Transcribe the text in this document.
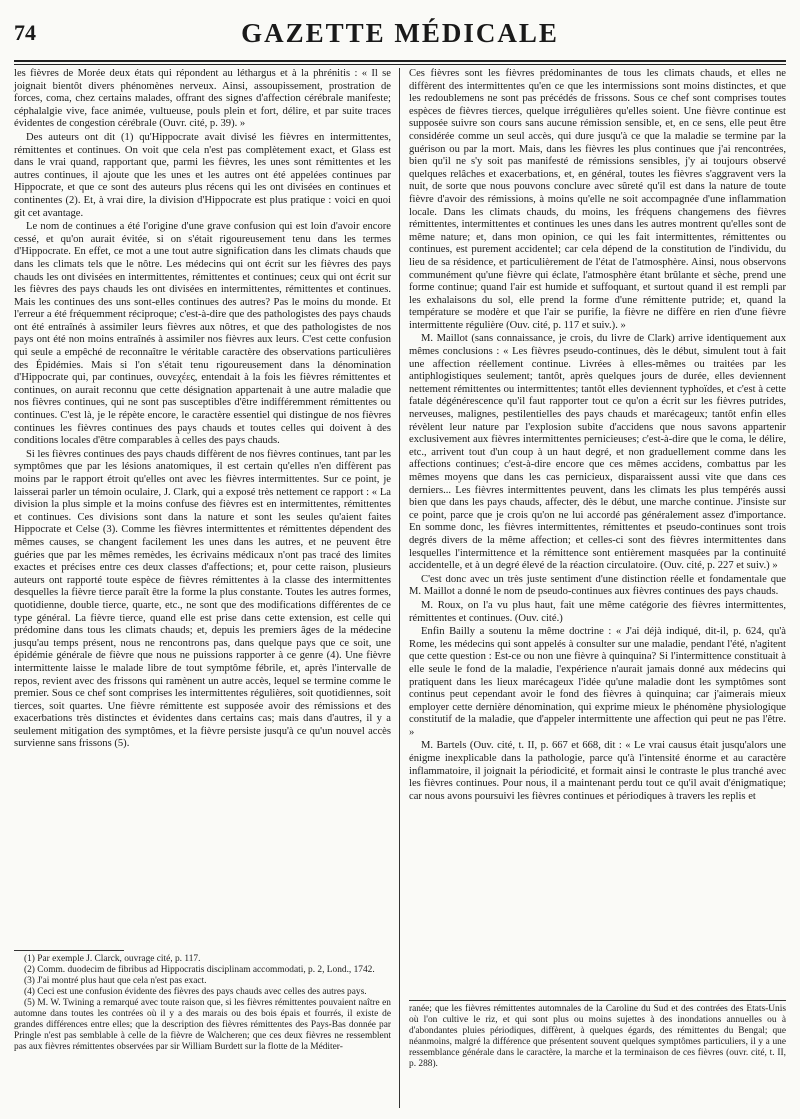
74	GAZETTE MÉDICALE

les fièvres de Morée deux états qui répondent au léthargus et à la phrénitis : « Il se joignait bientôt divers phénomènes nerveux. Ainsi, assoupissement, prostration de forces, coma, chez certains malades, offrant des signes d'affection cérébrale manifeste; céphalalgie vive, face animée, vultueuse, pouls plein et fort, délire, et par suite traces évidentes de congestion cérébrale (Ouvr. cité, p. 39). »

Des auteurs ont dit (1) qu'Hippocrate avait divisé les fièvres en intermittentes, rémittentes et continues. On voit que cela n'est pas complètement exact, et Glass est dans le vrai quand, rapportant que, parmi les fièvres, les unes sont rémittentes et les autres continues, il ajoute que les unes et les autres ont été appelées continues par Hippocrate, et que ce sont des auteurs plus récens qui les ont divisées en continues et continentes (2). Et, à vrai dire, la division d'Hippocrate est plus pratique : voici en quoi git cet avantage.

Le nom de continues a été l'origine d'une grave confusion qui est loin d'avoir encore cessé, et qu'on aurait évitée, si on s'était rigoureusement tenu dans les termes d'Hippocrate. En effet, ce mot a une tout autre signification dans les climats chauds que dans les climats tels que le nôtre. Les médecins qui ont écrit sur les fièvres des pays chauds les ont divisées en intermittentes, rémittentes et continues; ceux qui ont écrit sur les fièvres des pays chauds les ont divisées en intermittentes, rémittentes et continues. Mais les continues des uns sont-elles continues des autres? Pas le moins du monde. Et l'erreur a été fréquemment réciproque; c'est-à-dire que des pathologistes des pays chauds ont été entraînés à assimiler leurs fièvres aux nôtres, et que des pathologistes de nos pays ont été non moins entraînés à assimiler nos fièvres aux leurs. C'est cette confusion qui seule a empêché de reconnaître le véritable caractère des observations particulières des Épidémies. Mais si l'on s'était tenu rigoureusement dans la dénomination d'Hippocrate qui, par continues, συνεχέες, entendait à la fois les fièvres rémittentes et continues, on aurait reconnu que cette désignation appartenait à une autre maladie que nos fièvres continues, qui ne sont pas susceptibles d'être indifféremment rémittentes ou continues. C'est là, je le répète encore, le caractère essentiel qui distingue de nos fièvres continues les fièvres continues des pays chauds et toutes celles qui doivent à des conditions locales d'être comparables à celles des pays chauds.

Si les fièvres continues des pays chauds diffèrent de nos fièvres continues, tant par les symptômes que par les lésions anatomiques, il est certain qu'elles n'en diffèrent pas moins par le rapport étroit qu'elles ont avec les fièvres intermittentes. Sur ce point, je laisserai parler un témoin oculaire, J. Clark, qui a exposé très nettement ce rapport : « La division la plus simple et la moins confuse des fièvres est en intermittentes, rémittentes et continues. Ces divisions sont dans la nature et sont les seules qu'aient faites Hippocrate et Celse (3). Comme les fièvres intermittentes et rémittentes dépendent des mêmes causes, se changent facilement les unes dans les autres, et ne peuvent être guéries que par les mêmes remèdes, les écrivains médicaux n'ont pas tracé des limites exactes et précises entre ces deux classes d'affections; et, pour cette raison, plusieurs auteurs ont rapporté toute espèce de fièvres rémittentes à la classe des intermittentes desquelles la fièvre tierce paraît être la forme la plus constante. Toutes les autres formes, quotidienne, double tierce, quarte, etc., ne sont que des modifications différentes de ce type général. La fièvre tierce, quand elle est prise dans cette extension, est celle qui prédomine dans tous les climats chauds; et, depuis les premiers âges de la médecine jusqu'au temps présent, nous ne rencontrons pas, dans quelque pays que ce soit, une épidémie générale de fièvre que nous ne puissions rapporter à ce genre (4). Une fièvre intermittente laisse le malade libre de tout symptôme fébrile, et, après l'intervalle de repos, revient avec des frissons qui ramènent un autre accès, lequel se termine comme le premier. Sous ce chef sont comprises les intermittentes régulières, soit quotidiennes, soit tierces, soit quartes. Une fièvre rémittente est supposée avoir des rémissions et des exacerbations très distinctes et évidentes dans certains cas; mais dans d'autres, il y a seulement mitigation des symptômes, et la fièvre persiste jusqu'à ce qu'un nouvel accès survienne sans frissons (5).

(1) Par exemple J. Clarck, ouvrage cité, p. 117.

(2) Comm. duodecim de fibribus ad Hippocratis disciplinam accommodati, p. 2, Lond., 1742.

(3) J'ai montré plus haut que cela n'est pas exact.

(4) Ceci est une confusion évidente des fièvres des pays chauds avec celles des autres pays.

(5) M. W. Twining a remarqué avec toute raison que, si les fièvres rémittentes pouvaient naître en automne dans toutes les contrées où il y a des marais ou des bois épais et fourrés, il existe de grandes différences entre elles; que la description des fièvres rémittentes des Pays-Bas donnée par Pringle n'est pas semblable à celle de la fièvre de Walcheren; que ces deux fièvres ne ressemblent pas aux fièvres rémittentes observées par sir William Burdett sur la flotte de la Méditer-

Ces fièvres sont les fièvres prédominantes de tous les climats chauds, et elles ne diffèrent des intermittentes qu'en ce que les intermissions sont moins distinctes, et que les redoublemens ne sont pas précédés de frissons. Sous ce chef sont comprises toutes espèces de fièvres tierces, quelque irrégulières qu'elles soient. Une fièvre continue est supposée suivre son cours sans aucune rémission sensible, et, en ce sens, elle peut être considérée comme un seul accès, qui dure jusqu'à ce que la maladie se termine par la guérison ou par la mort. Mais, dans les fièvres les plus continues que j'ai rencontrées, bien qu'il ne s'y soit pas manifesté de rémissions sensibles, j'y ai toujours observé quelques relâches et exacerbations, et, en général, toutes les fièvres s'aggravent vers la nuit, de sorte que nous pouvons conclure avec sûreté qu'il est dans la nature de toute fièvre d'avoir des rémissions, à moins qu'elle ne soit accompagnée d'une inflammation locale. Dans les climats chauds, du moins, les fréquens changemens des fièvres rémittentes, intermittentes et continues les unes dans les autres montrent qu'elles sont de même nature; et, dans mon opinion, ce qui les fait intermittentes, rémittentes ou continues, est purement accidentel; car cela dépend de la constitution de l'individu, du lieu de sa résidence, et particulièrement de l'état de l'atmosphère. Ainsi, nous observons communément qu'une fièvre qui éclate, l'atmosphère étant brûlante et sèche, prend une forme continue; quand l'air est humide et suffoquant, et surtout quand il est rempli par les exhalaisons du sol, elle prend la forme d'une rémittente putride; et, quand la température se modère et que l'air se purifie, la fièvre ne diffère en rien d'une fièvre intermittente régulière (Ouv. cité, p. 117 et suiv.). »

M. Maillot (sans connaissance, je crois, du livre de Clark) arrive identiquement aux mêmes conclusions : « Les fièvres pseudo-continues, dès le début, simulent tout à fait une affection réellement continue. Livrées à elles-mêmes ou traitées par les antiphlogistiques seulement; tantôt, après quelques jours de durée, elles deviennent nettement rémittentes ou intermittentes; tantôt elles deviennent typhoïdes, et c'est à cette fatale dégénérescence qu'il faut rapporter tout ce qu'on a écrit sur les fièvres putrides, nerveuses, malignes, pestilentielles des pays chauds et marécageux; tantôt enfin elles révèlent leur nature par l'explosion subite d'accidens que nous savons appartenir exclusivement aux fièvres intermittentes pernicieuses; c'est-à-dire que le coma, le délire, etc., arrivent tout d'un coup à un haut degré, et non graduellement comme dans les affections continues; c'est-à-dire encore que ces mêmes accidens, combattus par les mêmes moyens que dans les cas pernicieux, disparaissent aussi vite que dans ces derniers... Les fièvres intermittentes peuvent, dans les climats les plus tempérés aussi bien que dans les pays chauds, affecter, dès le début, une marche continue. J'insiste sur ce point, parce que je crois qu'on ne lui accordé pas généralement assez d'importance. En somme donc, les fièvres intermittentes, rémittentes et pseudo-continues sont trois degrés divers de la même affection; et celles-ci sont des fièvres intermittentes dans lesquelles l'intermittence et la rémittence sont entièrement masquées par la continuité accidentelle, et à un degré élevé de la réaction circulatoire. (Ouv. cité, p. 227 et suiv.) »

C'est donc avec un très juste sentiment d'une distinction réelle et fondamentale que M. Maillot a donné le nom de pseudo-continues aux fièvres continues des pays chauds.

M. Roux, on l'a vu plus haut, fait une même catégorie des fièvres intermittentes, rémittentes et continues. (Ouv. cité.)

Enfin Bailly a soutenu la même doctrine : « J'ai déjà indiqué, dit-il, p. 624, qu'à Rome, les médecins qui sont appelés à consulter sur une maladie, pendant l'été, n'agitent que cette question : Est-ce ou non une fièvre à quinquina? Si l'intermittence constituait à elle seule le fond de la maladie, l'expérience n'aurait jamais donné aux médecins qui pratiquent dans les lieux marécageux l'idée qu'une maladie dont les symptômes sont continus peut cependant avoir le fond des fièvres à quinquina; car j'aimerais mieux employer cette dernière dénomination, qui exprime mieux le phénomène physiologique constitutif de la maladie, que d'appeler intermittente une affection qui peut ne pas l'être. »

M. Bartels (Ouv. cité, t. II, p. 667 et 668, dit : « Le vrai causus était jusqu'alors une énigme inexplicable dans la pathologie, parce qu'à l'intensité énorme et au caractère inflammatoire, il joignait la périodicité, et formait ainsi le contraste le plus tranché avec les fièvres continues. Pour nous, il a maintenant perdu tout ce qu'il avait d'énigmatique; car nous avons poursuivi les fièvres continues et périodiques à travers les replis et

ranée; que les fièvres rémittentes automnales de la Caroline du Sud et des contrées des Etats-Unis où l'on cultive le riz, et qui sont plus ou moins sujettes à des inondations annuelles ou à d'abondantes pluies périodiques, diffèrent, à quelques égards, des rémittentes du Bengal; que néanmoins, malgré la différence que présentent souvent quelques symptômes particuliers, il y a une ressemblance générale dans le caractère, la marche et la terminaison de ces fièvres (ouvr. cité, t. II, p. 288).
